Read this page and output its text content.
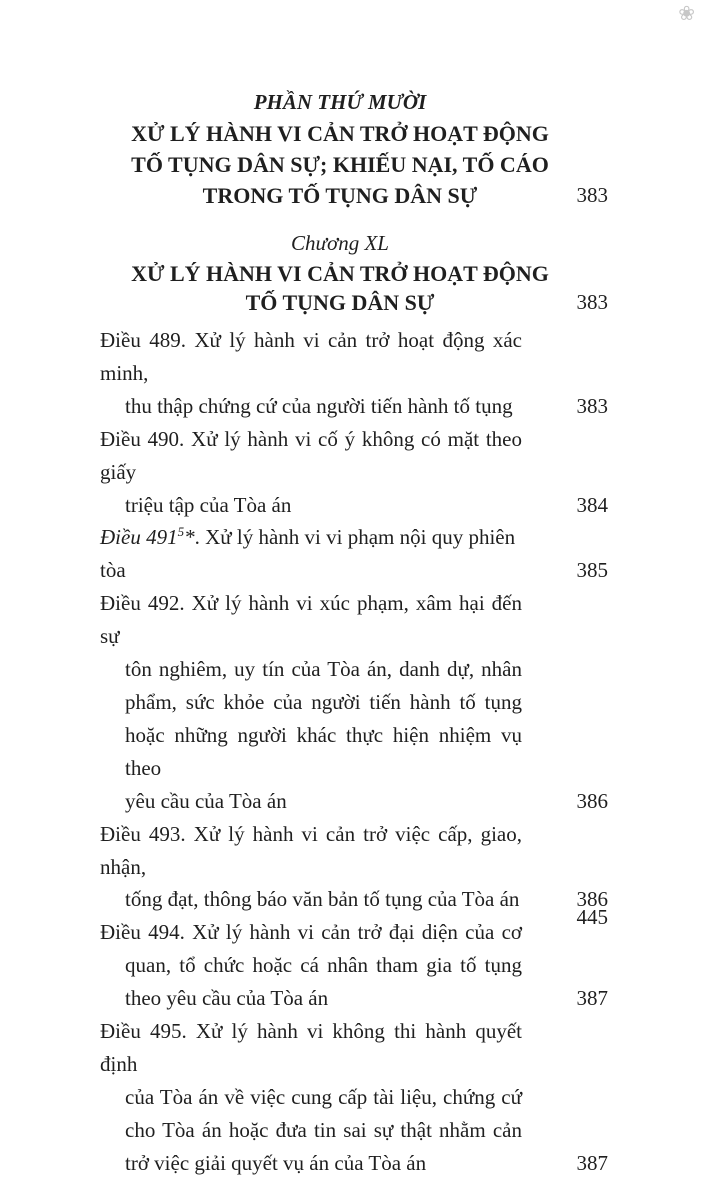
❀
PHẦN THỨ MƯỜI
XỬ LÝ HÀNH VI CẢN TRỞ HOẠT ĐỘNG
TỐ TỤNG DÂN SỰ; KHIẾU NẠI, TỐ CÁO
TRONG TỐ TỤNG DÂN SỰ	383
Chương XL
XỬ LÝ HÀNH VI CẢN TRỞ HOẠT ĐỘNG
TỐ TỤNG DÂN SỰ	383
Điều 489. Xử lý hành vi cản trở hoạt động xác minh,
thu thập chứng cứ của người tiến hành tố tụng	383
Điều 490. Xử lý hành vi cố ý không có mặt theo giấy
triệu tập của Tòa án	384
Điều $491^5*$. Xử lý hành vi vi phạm nội quy phiên tòa	385
Điều 492. Xử lý hành vi xúc phạm, xâm hại đến sự
tôn nghiêm, uy tín của Tòa án, danh dự, nhân
phẩm, sức khỏe của người tiến hành tố tụng
hoặc những người khác thực hiện nhiệm vụ theo
yêu cầu của Tòa án	386
Điều 493. Xử lý hành vi cản trở việc cấp, giao, nhận,
tống đạt, thông báo văn bản tố tụng của Tòa án	386
Điều 494. Xử lý hành vi cản trở đại diện của cơ
quan, tổ chức hoặc cá nhân tham gia tố tụng
theo yêu cầu của Tòa án	387
Điều 495. Xử lý hành vi không thi hành quyết định
của Tòa án về việc cung cấp tài liệu, chứng cứ
cho Tòa án hoặc đưa tin sai sự thật nhằm cản
trở việc giải quyết vụ án của Tòa án	387
445
